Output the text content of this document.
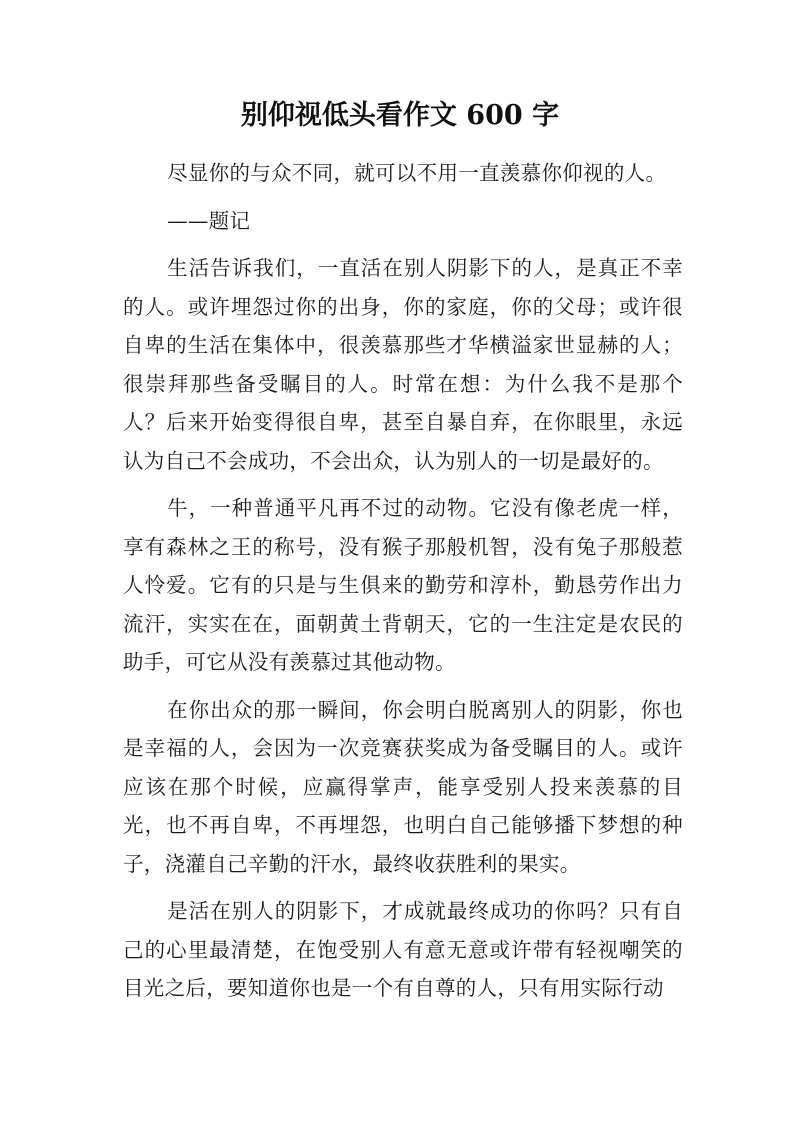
别仰视低头看作文 600 字

尽显你的与众不同，就可以不用一直羡慕你仰视的人。

——题记

生活告诉我们，一直活在别人阴影下的人，是真正不幸的人。或许埋怨过你的出身，你的家庭，你的父母；或许很自卑的生活在集体中，很羡慕那些才华横溢家世显赫的人；很崇拜那些备受瞩目的人。时常在想：为什么我不是那个人？后来开始变得很自卑，甚至自暴自弃，在你眼里，永远认为自己不会成功，不会出众，认为别人的一切是最好的。

牛，一种普通平凡再不过的动物。它没有像老虎一样，享有森林之王的称号，没有猴子那般机智，没有兔子那般惹人怜爱。它有的只是与生俱来的勤劳和淳朴，勤恳劳作出力流汗，实实在在，面朝黄土背朝天，它的一生注定是农民的助手，可它从没有羡慕过其他动物。

在你出众的那一瞬间，你会明白脱离别人的阴影，你也是幸福的人，会因为一次竞赛获奖成为备受瞩目的人。或许应该在那个时候，应赢得掌声，能享受别人投来羡慕的目光，也不再自卑，不再埋怨，也明白自己能够播下梦想的种子，浇灌自己辛勤的汗水，最终收获胜利的果实。

是活在别人的阴影下，才成就最终成功的你吗？只有自己的心里最清楚，在饱受别人有意无意或许带有轻视嘲笑的目光之后，要知道你也是一个有自尊的人，只有用实际行动
